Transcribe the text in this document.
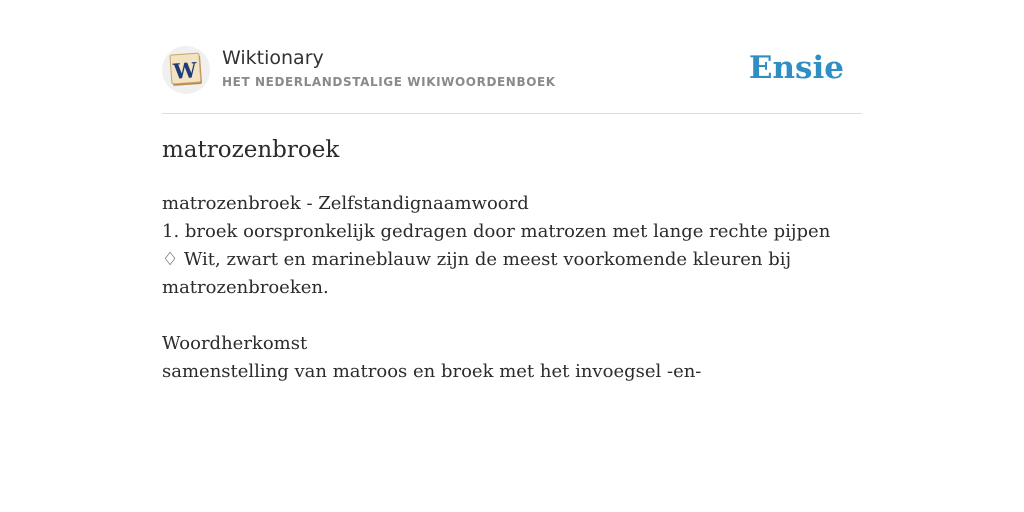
W Wiktionary
HET NEDERLANDSTALIGE WIKIWOORDENBOEK	Ensie
matrozenbroek

matrozenbroek - Zelfstandignaamwoord

1. broek oorspronkelijk gedragen door matrozen met lange rechte pijpen

♢ Wit, zwart en marineblauw zijn de meest voorkomende kleuren bij matrozenbroeken.

Woordherkomst

samenstelling van matroos en broek met het invoegsel -en-
